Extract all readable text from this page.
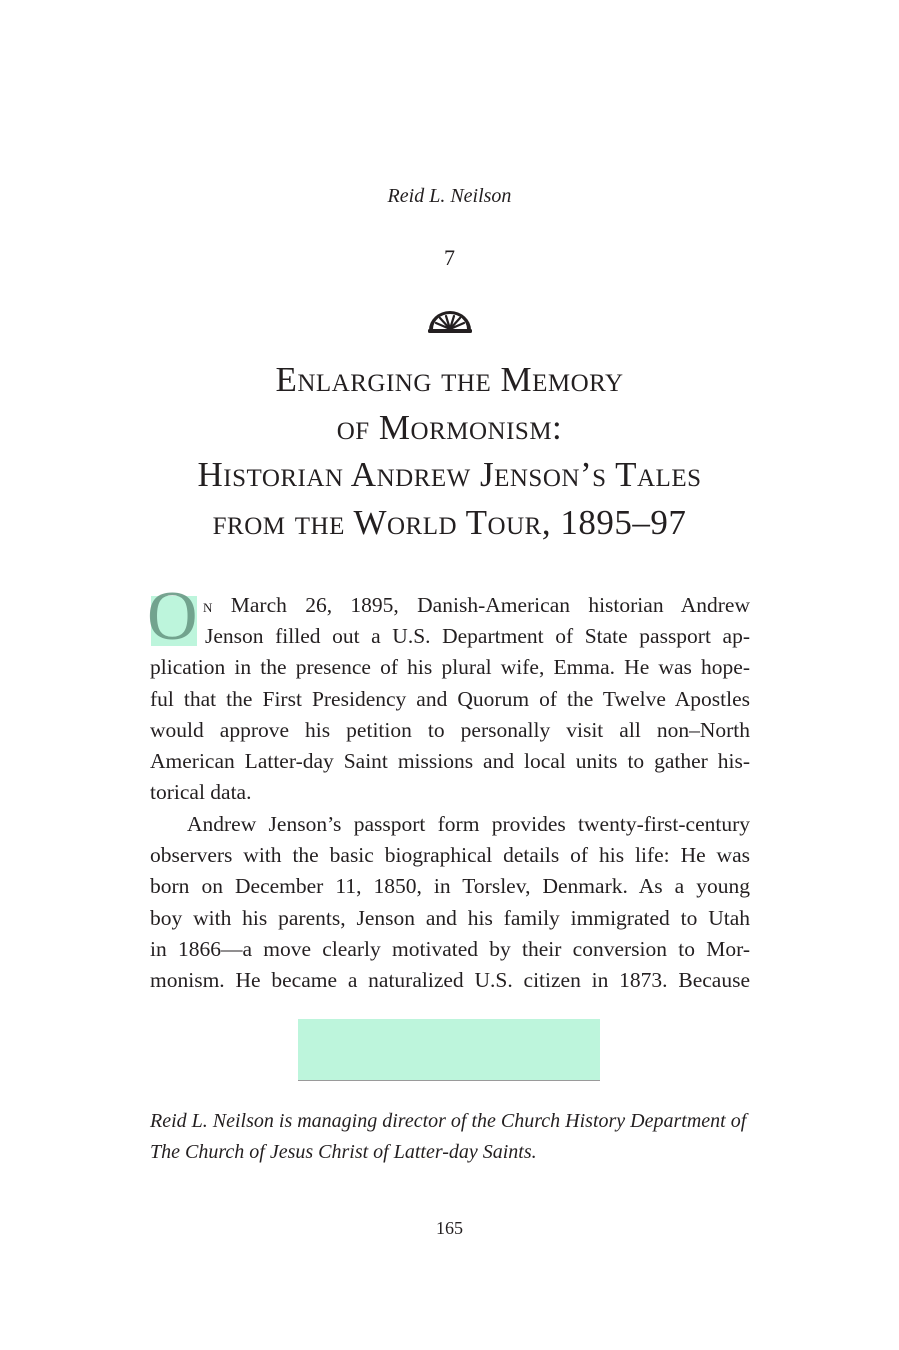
Reid L. Neilson
7
Enlarging the Memory
of Mormonism:
Historian Andrew Jenson’s Tales
from the World Tour, 1895–97
O n March 26, 1895, Danish-American historian Andrew
Jenson filled out a U.S. Department of State passport ap-
plication in the presence of his plural wife, Emma. He was hope-
ful that the First Presidency and Quorum of the Twelve Apostles
would approve his petition to personally visit all non–North
American Latter-day Saint missions and local units to gather his-
torical data.
Andrew Jenson’s passport form provides twenty-first-century
observers with the basic biographical details of his life: He was
born on December 11, 1850, in Torslev, Denmark. As a young
boy with his parents, Jenson and his family immigrated to Utah
in 1866—a move clearly motivated by their conversion to Mor-
monism. He became a naturalized U.S. citizen in 1873. Because
Reid L. Neilson is managing director of the Church History Department of
The Church of Jesus Christ of Latter-day Saints.
165
